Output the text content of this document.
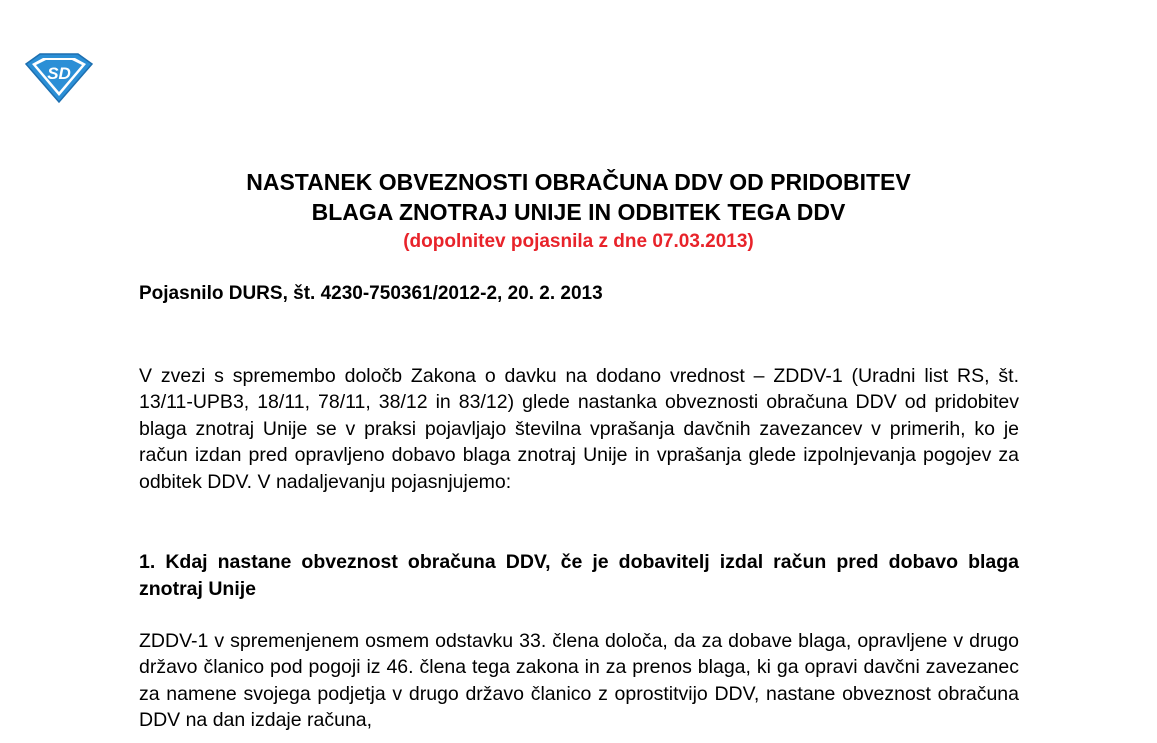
SD

NASTANEK OBVEZNOSTI OBRAČUNA DDV OD PRIDOBITEV

BLAGA ZNOTRAJ UNIJE IN ODBITEK TEGA DDV

(dopolnitev pojasnila z dne 07.03.2013)

Pojasnilo DURS, št. 4230-750361/2012-2, 20. 2. 2013

V zvezi s spremembo določb Zakona o davku na dodano vrednost – ZDDV-1 (Uradni list RS, št. 13/11-UPB3, 18/11, 78/11, 38/12 in 83/12) glede nastanka obveznosti obračuna DDV od pridobitev blaga znotraj Unije se v praksi pojavljajo številna vprašanja davčnih zavezancev v primerih, ko je račun izdan pred opravljeno dobavo blaga znotraj Unije in vprašanja glede izpolnjevanja pogojev za odbitek DDV. V nadaljevanju pojasnjujemo:

1. Kdaj nastane obveznost obračuna DDV, če je dobavitelj izdal račun pred dobavo blaga znotraj Unije

ZDDV-1 v spremenjenem osmem odstavku 33. člena določa, da za dobave blaga, opravljene v drugo državo članico pod pogoji iz 46. člena tega zakona in za prenos blaga, ki ga opravi davčni zavezanec za namene svojega podjetja v drugo državo članico z oprostitvijo DDV, nastane obveznost obračuna DDV na dan izdaje računa,
